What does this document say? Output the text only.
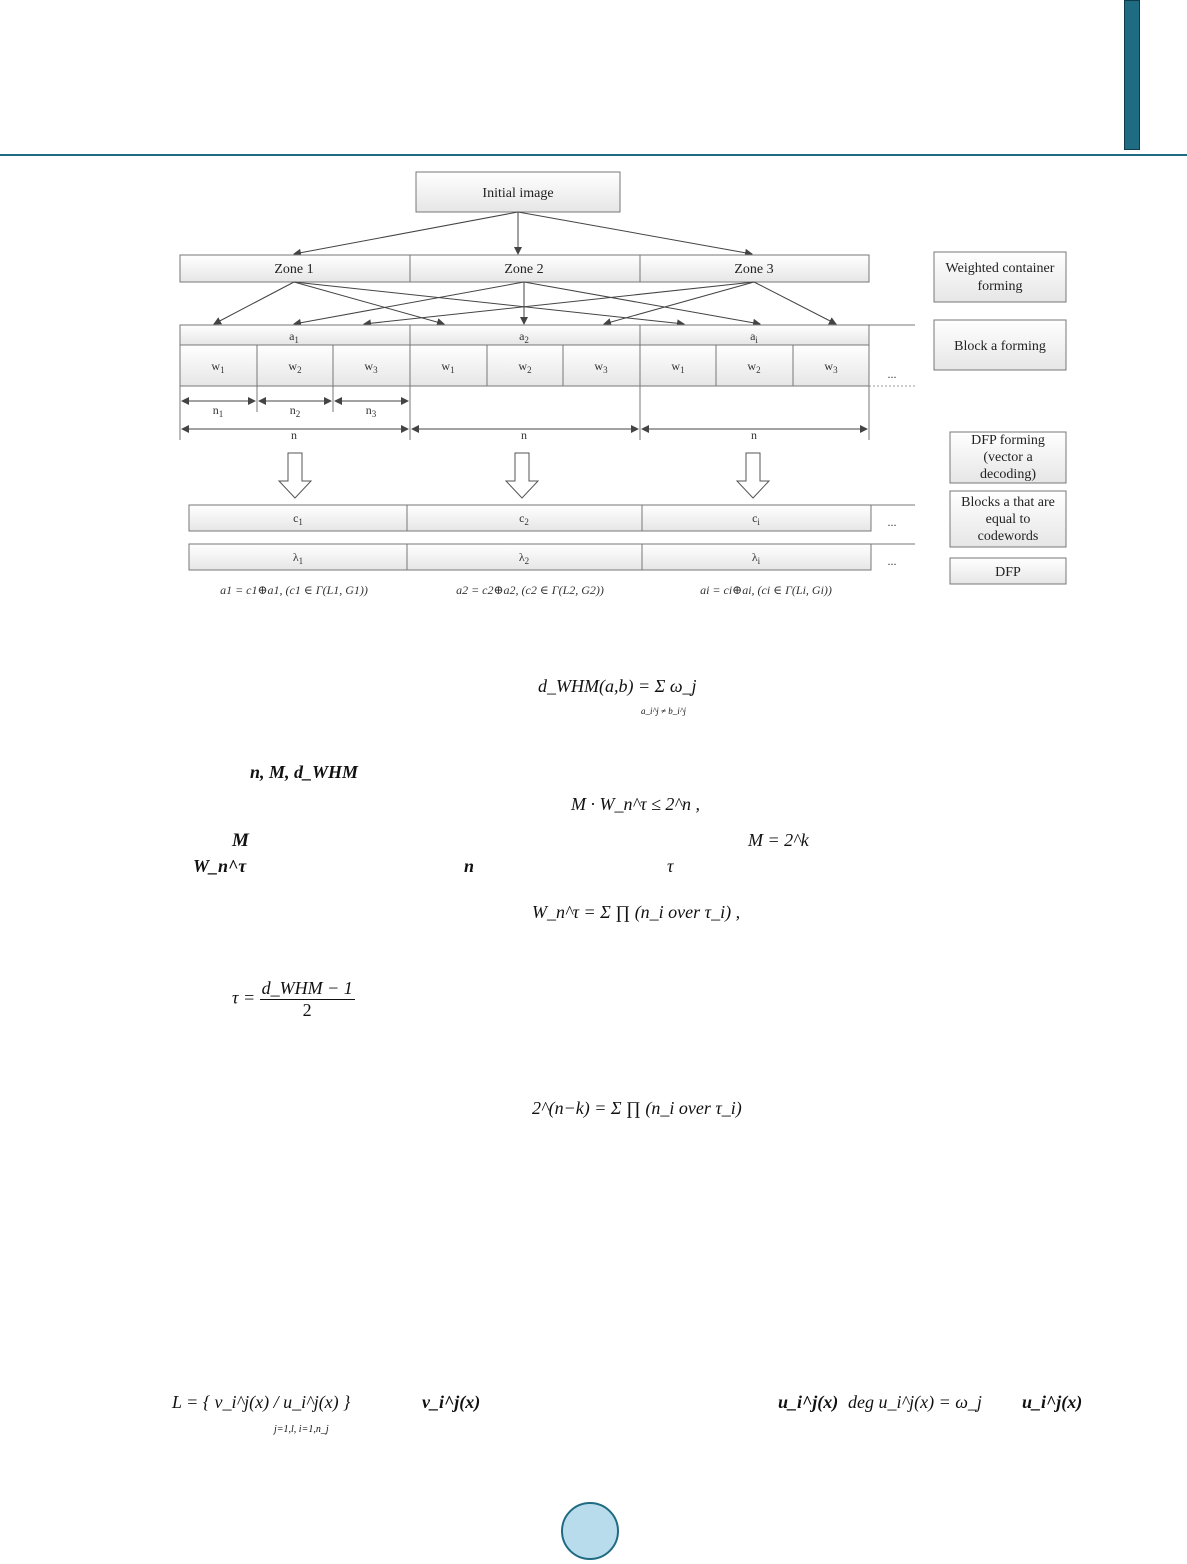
Initial image
Zone 1	Zone 2	Zone 3
$a_1$	$a_2$	$a_i$
$w_1$	$w_2$	$w_3$	$w_1$	$w_2$	$w_3$	$w_1$	$w_2$	$w_3$	...
$n_1$	$n_2$	$n_3$
n	n	n
$c_1$	$c_2$	$c_i$	...
$\lambda_1$	$\lambda_2$	$\lambda_i$	...
a1 = c1⊕a1, (c1 ∈ Γ(L1, G1))	a2 = c2⊕a2, (c2 ∈ Γ(L2, G2))	ai = ci⊕ai, (ci ∈ Γ(Li, Gi))
Weighted container
forming
Block a forming
DFP forming
(vector a
decoding)
Blocks a that are
equal to
codewords
DFP
d_WHM(a,b) = Σ ω_j
a_i^j ≠ b_i^j
n, M, d_WHM
M · W_n^τ ≤ 2^n ,
M	M = 2^k
W_n^τ	n	τ
W_n^τ = Σ ∏ (n_i over τ_i) ,
τ = d_WHM − 1
2
2^(n−k) = Σ ∏ (n_i over τ_i)
L = { v_i^j(x) / u_i^j(x) }
j=1,l, i=1,n_j
v_i^j(x)	u_i^j(x) deg u_i^j(x) = ω_j u_i^j(x)
